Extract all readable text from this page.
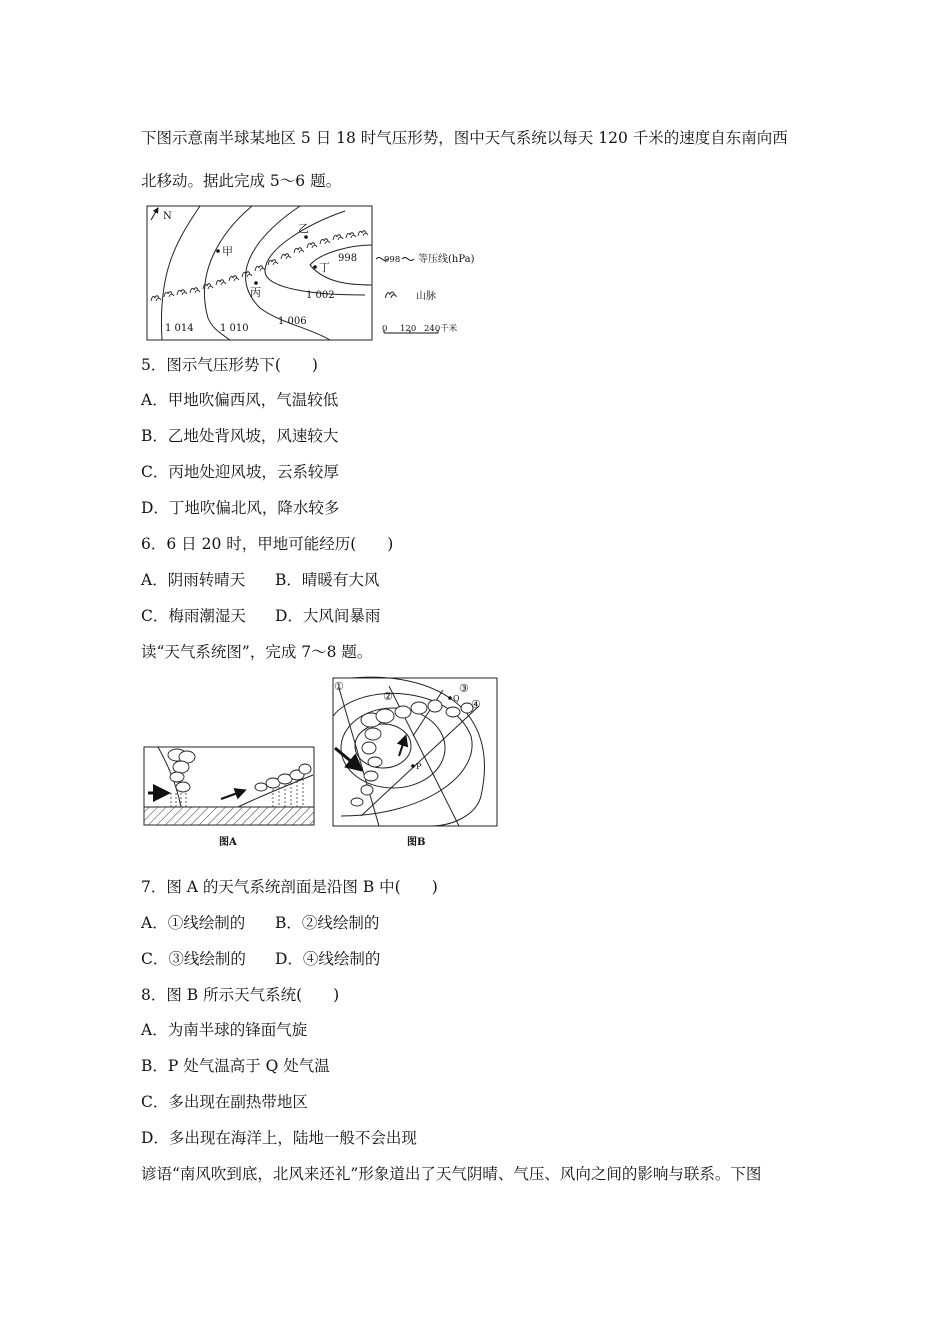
下图示意南半球某地区 5 日 18 时气压形势，图中天气系统以每天 120 千米的速度自东南向西
北移动。据此完成 5～6 题。
N
1 014	1 010
1 006
1 002
998
甲
乙
丙
丁
998 等压线(hPa)
山脉
0 120 240千米
5．图示气压形势下(　　)
A．甲地吹偏西风，气温较低
B．乙地处背风坡，风速较大
C．丙地处迎风坡，云系较厚
D．丁地吹偏北风，降水较多
6．6 日 20 时，甲地可能经历(　　)
A．阴雨转晴天 B．晴暖有大风
C．梅雨潮湿天 D．大风间暴雨
读“天气系统图”，完成 7～8 题。
图A
①
②
③
④
P
Q
图B
7．图 A 的天气系统剖面是沿图 B 中(　　)
A．①线绘制的 B．②线绘制的
C．③线绘制的 D．④线绘制的
8．图 B 所示天气系统(　　)
A．为南半球的锋面气旋
B．P 处气温高于 Q 处气温
C．多出现在副热带地区
D．多出现在海洋上，陆地一般不会出现
谚语“南风吹到底，北风来还礼”形象道出了天气阴晴、气压、风向之间的影响与联系。下图
